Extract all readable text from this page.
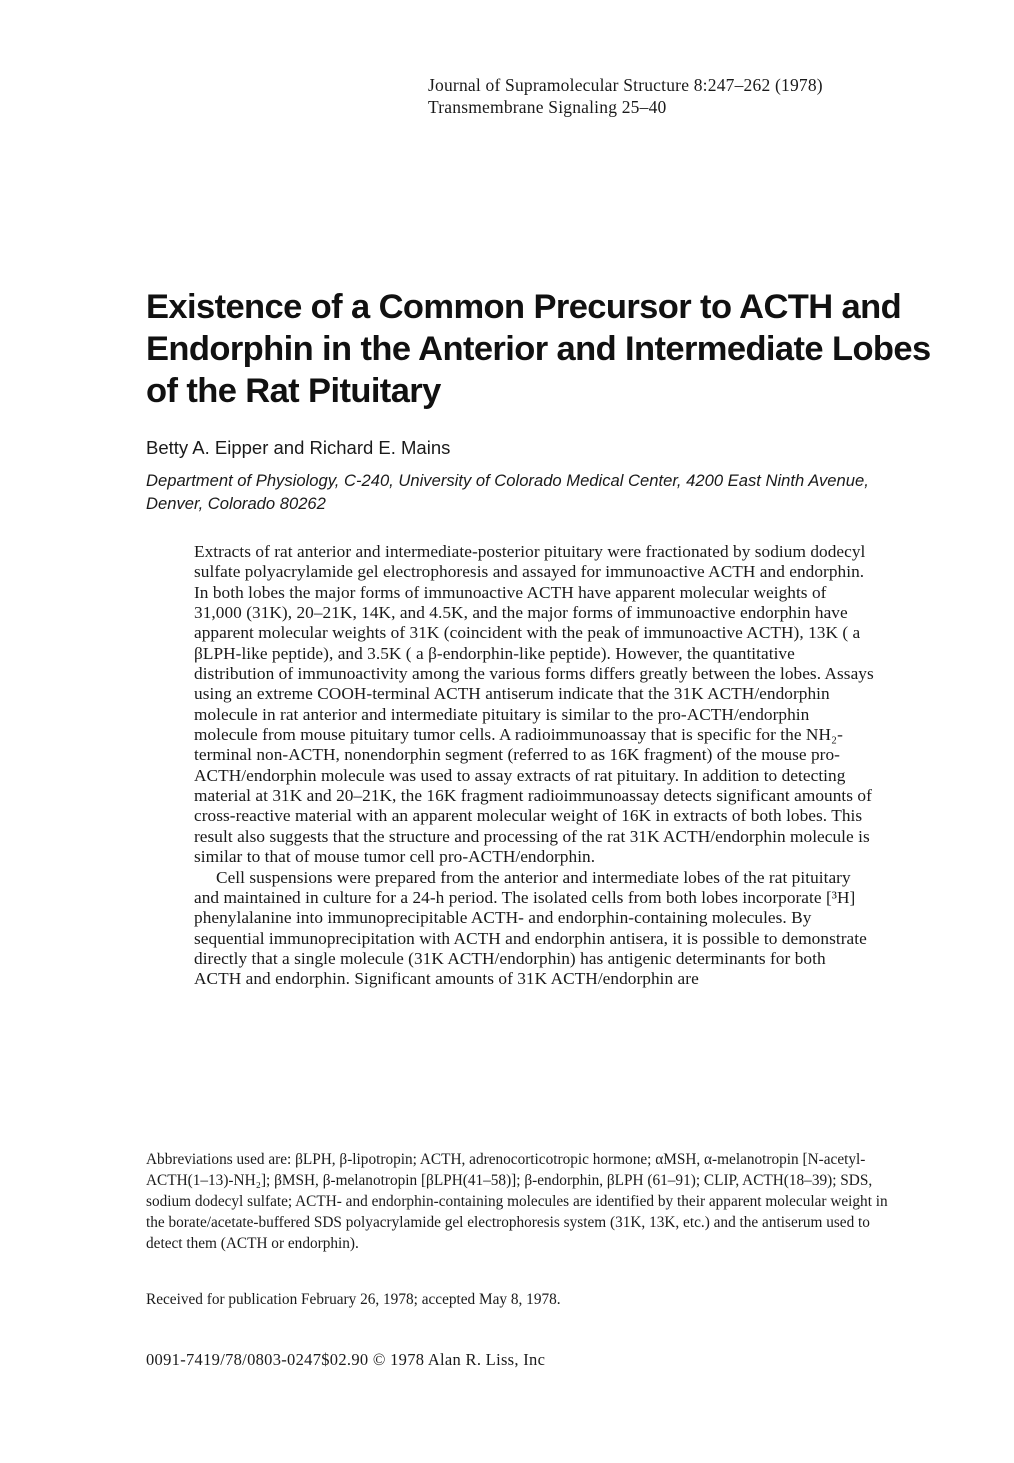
Journal of Supramolecular Structure 8:247–262 (1978)
Transmembrane Signaling 25–40
Existence of a Common Precursor to ACTH and Endorphin in the Anterior and Intermediate Lobes of the Rat Pituitary
Betty A. Eipper and Richard E. Mains
Department of Physiology, C-240, University of Colorado Medical Center, 4200 East Ninth Avenue, Denver, Colorado 80262

Extracts of rat anterior and intermediate-posterior pituitary were fractionated by sodium dodecyl sulfate polyacrylamide gel electrophoresis and assayed for immunoactive ACTH and endorphin. In both lobes the major forms of immunoactive ACTH have apparent molecular weights of 31,000 (31K), 20–21K, 14K, and 4.5K, and the major forms of immunoactive endorphin have apparent molecular weights of 31K (coincident with the peak of immunoactive ACTH), 13K ( a βLPH-like peptide), and 3.5K ( a β-endorphin-like peptide). However, the quantitative distribution of immunoactivity among the various forms differs greatly between the lobes. Assays using an extreme COOH-terminal ACTH antiserum indicate that the 31K ACTH/endorphin molecule in rat anterior and intermediate pituitary is similar to the pro-ACTH/endorphin molecule from mouse pituitary tumor cells. A radioimmunoassay that is specific for the NH₂-terminal non-ACTH, nonendorphin segment (referred to as 16K fragment) of the mouse pro-ACTH/endorphin molecule was used to assay extracts of rat pituitary. In addition to detecting material at 31K and 20–21K, the 16K fragment radioimmunoassay detects significant amounts of cross-reactive material with an apparent molecular weight of 16K in extracts of both lobes. This result also suggests that the structure and processing of the rat 31K ACTH/endorphin molecule is similar to that of mouse tumor cell pro-ACTH/endorphin.

Cell suspensions were prepared from the anterior and intermediate lobes of the rat pituitary and maintained in culture for a 24-h period. The isolated cells from both lobes incorporate [³H] phenylalanine into immunoprecipitable ACTH- and endorphin-containing molecules. By sequential immunoprecipitation with ACTH and endorphin antisera, it is possible to demonstrate directly that a single molecule (31K ACTH/endorphin) has antigenic determinants for both ACTH and endorphin. Significant amounts of 31K ACTH/endorphin are

Abbreviations used are: βLPH, β-lipotropin; ACTH, adrenocorticotropic hormone; αMSH, α-melanotropin [N-acetyl-ACTH(1–13)-NH₂]; βMSH, β-melanotropin [βLPH(41–58)]; β-endorphin, βLPH (61–91); CLIP, ACTH(18–39); SDS, sodium dodecyl sulfate; ACTH- and endorphin-containing molecules are identified by their apparent molecular weight in the borate/acetate-buffered SDS polyacrylamide gel electrophoresis system (31K, 13K, etc.) and the antiserum used to detect them (ACTH or endorphin).
Received for publication February 26, 1978; accepted May 8, 1978.
0091-7419/78/0803-0247$02.90 © 1978 Alan R. Liss, Inc
